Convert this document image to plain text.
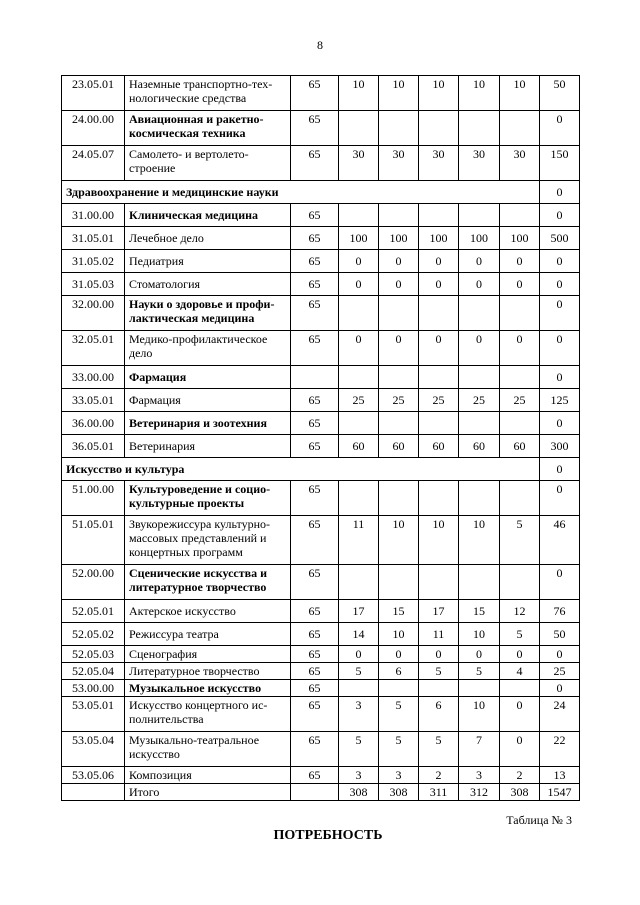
8
23.05.01	Наземные транспортно-тех-нологические средства	65	10	10	10	10	10	50
24.00.00	Авиационная и ракетно-космическая техника	65						0
24.05.07	Самолето- и вертолето-строение	65	30	30	30	30	30	150
Здравоохранение и медицинские науки								0
31.00.00	Клиническая медицина	65						0
31.05.01	Лечебное дело	65	100	100	100	100	100	500
31.05.02	Педиатрия	65	0	0	0	0	0	0
31.05.03	Стоматология	65	0	0	0	0	0	0
32.00.00	Науки о здоровье и профи-лактическая медицина	65						0
32.05.01	Медико-профилактическое дело	65	0	0	0	0	0	0
33.00.00	Фармация							0
33.05.01	Фармация	65	25	25	25	25	25	125
36.00.00	Ветеринария и зоотехния	65						0
36.05.01	Ветеринария	65	60	60	60	60	60	300
Искусство и культура								0
51.00.00	Культуроведение и социо-культурные проекты	65						0
51.05.01	Звукорежиссура культурно-массовых представлений и концертных программ	65	11	10	10	10	5	46
52.00.00	Сценические искусства и литературное творчество	65						0
52.05.01	Актерское искусство	65	17	15	17	15	12	76
52.05.02	Режиссура театра	65	14	10	11	10	5	50
52.05.03	Сценография	65	0	0	0	0	0	0
52.05.04	Литературное творчество	65	5	6	5	5	4	25
53.00.00	Музыкальное искусство	65						0
53.05.01	Искусство концертного ис-полнительства	65	3	5	6	10	0	24
53.05.04	Музыкально-театральное искусство	65	5	5	5	7	0	22
53.05.06	Композиция	65	3	3	2	3	2	13
	Итого		308	308	311	312	308	1547
Таблица № 3
ПОТРЕБНОСТЬ
